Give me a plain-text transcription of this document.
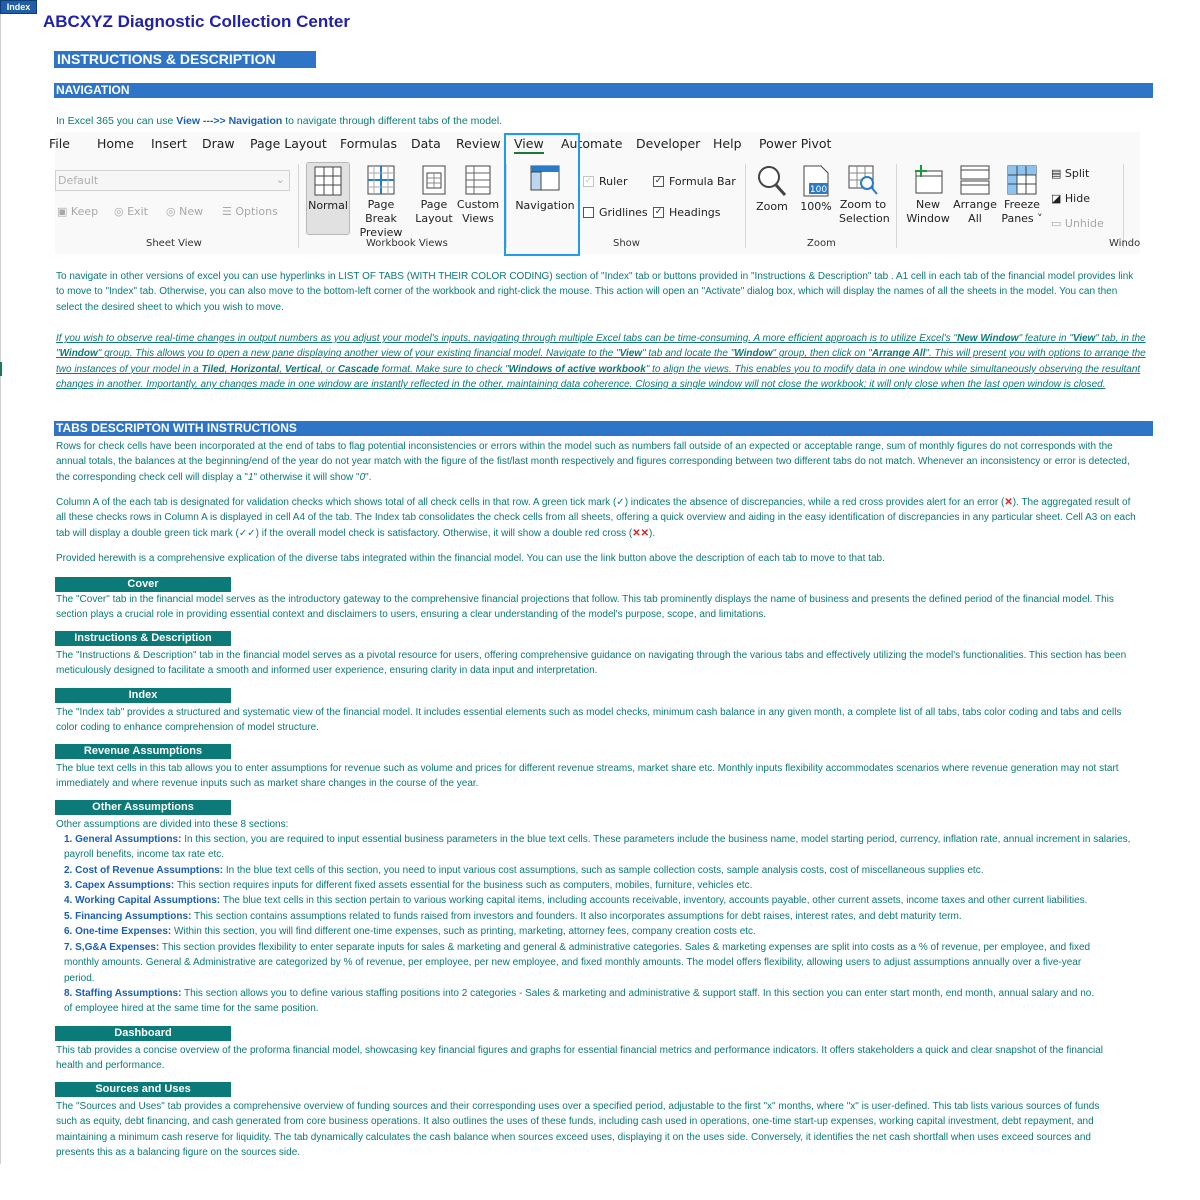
Index
ABCXYZ Diagnostic Collection Center
INSTRUCTIONS & DESCRIPTION
NAVIGATION
In Excel 365 you can use View --->> Navigation to navigate through different tabs of the model.
File Home Insert Draw Page Layout Formulas Data Review View Automate Developer Help Power Pivot
Default	⌄
▣ Keep ◎ Exit ◎ New ☰ Options
Sheet View
Normal	Page Break
Preview
Page
Layout
Custom
Views
Workbook Views
Navigation
✓ Ruler	✓ Formula Bar
Gridlines ✓ Headings
Show
Zoom
100
100% Zoom to
Selection
Zoom
New
Window
Arrange
All
Freeze
Panes ˅
▤ Split
◪ Hide
▭ Unhide
Windo
To navigate in other versions of excel you can use hyperlinks in LIST OF TABS (WITH THEIR COLOR CODING) section of "Index" tab or buttons provided in "Instructions & Description" tab . A1 cell in each tab of the financial model provides link to move to "Index" tab. Otherwise, you can also move to the bottom-left corner of the workbook and right-click the mouse. This action will open an "Activate" dialog box, which will display the names of all the sheets in the model. You can then select the desired sheet to which you wish to move.
If you wish to observe real-time changes in output numbers as you adjust your model's inputs, navigating through multiple Excel tabs can be time-consuming. A more efficient approach is to utilize Excel's "New Window" feature in "View" tab, in the "Window" group. This allows you to open a new pane displaying another view of your existing financial model. Navigate to the "View" tab and locate the "Window" group, then click on "Arrange All". This will present you with options to arrange the two instances of your model in a Tiled, Horizontal, Vertical, or Cascade format. Make sure to check "Windows of active workbook" to align the views. This enables you to modify data in one window while simultaneously observing the resultant changes in another. Importantly, any changes made in one window are instantly reflected in the other, maintaining data coherence. Closing a single window will not close the workbook; it will only close when the last open window is closed.
TABS DESCRIPTON WITH INSTRUCTIONS
Rows for check cells have been incorporated at the end of tabs to flag potential inconsistencies or errors within the model such as numbers fall outside of an expected or acceptable range, sum of monthly figures do not corresponds with the annual totals, the balances at the beginning/end of the year do not year match with the figure of the fist/last month respectively and figures corresponding between two different tabs do not match. Whenever an inconsistency or error is detected, the corresponding check cell will display a "1" otherwise it will show "0".
Column A of the each tab is designated for validation checks which shows total of all check cells in that row. A green tick mark (✓) indicates the absence of discrepancies, while a red cross provides alert for an error (✕). The aggregated result of all these checks rows in Column A is displayed in cell A4 of the tab. The Index tab consolidates the check cells from all sheets, offering a quick overview and aiding in the easy identification of discrepancies in any particular sheet. Cell A3 on each tab will display a double green tick mark (✓✓) if the overall model check is satisfactory. Otherwise, it will show a double red cross (✕✕).
Provided herewith is a comprehensive explication of the diverse tabs integrated within the financial model. You can use the link button above the description of each tab to move to that tab.
Cover
The "Cover" tab in the financial model serves as the introductory gateway to the comprehensive financial projections that follow. This tab prominently displays the name of business and presents the defined period of the financial model. This section plays a crucial role in providing essential context and disclaimers to users, ensuring a clear understanding of the model's purpose, scope, and limitations.
Instructions & Description
The "Instructions & Description" tab in the financial model serves as a pivotal resource for users, offering comprehensive guidance on navigating through the various tabs and effectively utilizing the model's functionalities. This section has been meticulously designed to facilitate a smooth and informed user experience, ensuring clarity in data input and interpretation.
Index
The "Index tab" provides a structured and systematic view of the financial model. It includes essential elements such as model checks, minimum cash balance in any given month, a complete list of all tabs, tabs color coding and tabs and cells color coding to enhance comprehension of model structure.
Revenue Assumptions
The blue text cells in this tab allows you to enter assumptions for revenue such as volume and prices for different revenue streams, market share etc. Monthly inputs flexibility accommodates scenarios where revenue generation may not start immediately and where revenue inputs such as market share changes in the course of the year.
Other Assumptions
Other assumptions are divided into these 8 sections:
1. General Assumptions: In this section, you are required to input essential business parameters in the blue text cells. These parameters include the business name, model starting period, currency, inflation rate, annual increment in salaries, payroll benefits, income tax rate etc.
2. Cost of Revenue Assumptions: In the blue text cells of this section, you need to input various cost assumptions, such as sample collection costs, sample analysis costs, cost of miscellaneous supplies etc.
3. Capex Assumptions: This section requires inputs for different fixed assets essential for the business such as computers, mobiles, furniture, vehicles etc.
4. Working Capital Assumptions: The blue text cells in this section pertain to various working capital items, including accounts receivable, inventory, accounts payable, other current assets, income taxes and other current liabilities.
5. Financing Assumptions: This section contains assumptions related to funds raised from investors and founders. It also incorporates assumptions for debt raises, interest rates, and debt maturity term.
6. One-time Expenses: Within this section, you will find different one-time expenses, such as printing, marketing, attorney fees, company creation costs etc.
7. S,G&A Expenses: This section provides flexibility to enter separate inputs for sales & marketing and general & administrative categories. Sales & marketing expenses are split into costs as a % of revenue, per employee, and fixed monthly amounts. General & Administrative are categorized by % of revenue, per employee, per new employee, and fixed monthly amounts. The model offers flexibility, allowing users to adjust assumptions annually over a five-year period.
8. Staffing Assumptions: This section allows you to define various staffing positions into 2 categories - Sales & marketing and administrative & support staff. In this section you can enter start month, end month, annual salary and no. of employee hired at the same time for the same position.
Dashboard
This tab provides a concise overview of the proforma financial model, showcasing key financial figures and graphs for essential financial metrics and performance indicators. It offers stakeholders a quick and clear snapshot of the financial health and performance.
Sources and Uses
The "Sources and Uses" tab provides a comprehensive overview of funding sources and their corresponding uses over a specified period, adjustable to the first "x" months, where "x" is user-defined. This tab lists various sources of funds such as equity, debt financing, and cash generated from core business operations. It also outlines the uses of these funds, including cash used in operations, one-time start-up expenses, working capital investment, debt repayment, and maintaining a minimum cash reserve for liquidity. The tab dynamically calculates the cash balance when sources exceed uses, displaying it on the uses side. Conversely, it identifies the net cash shortfall when uses exceed sources and presents this as a balancing figure on the sources side.
